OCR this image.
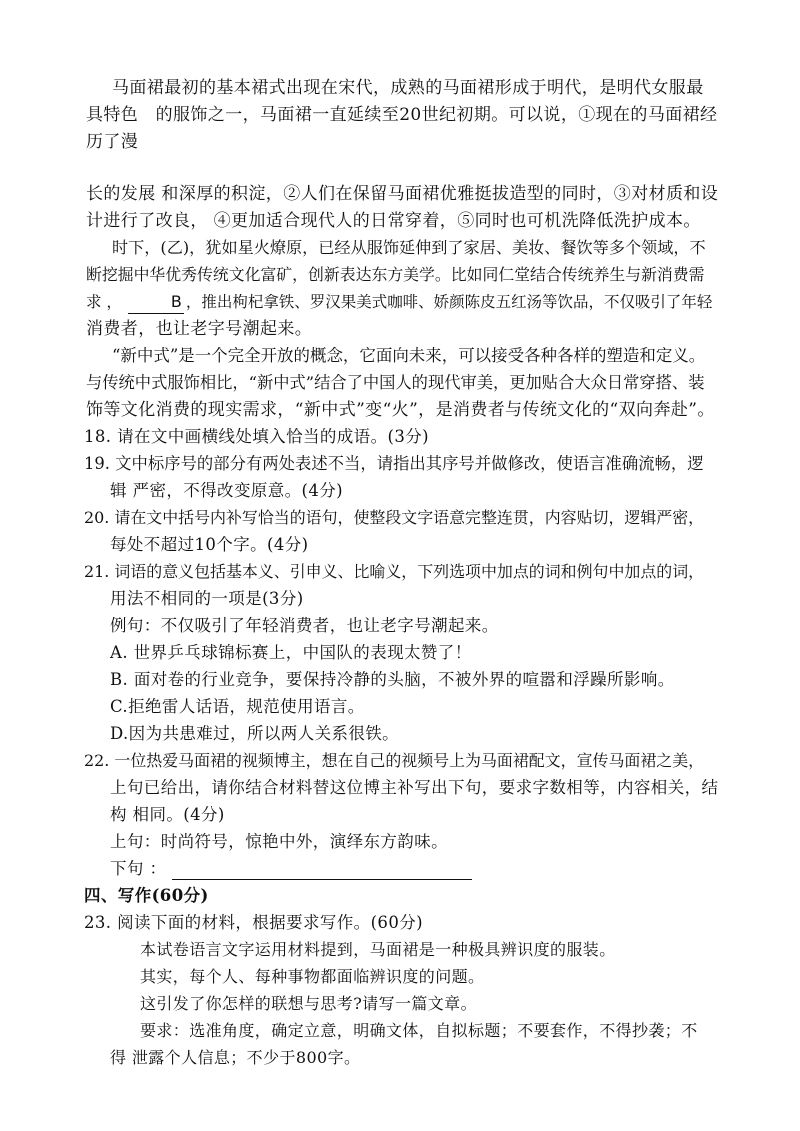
马面裙最初的基本裙式出现在宋代，成熟的马面裙形成于明代，是明代女服最
具特色　的服饰之一，马面裙一直延续至20世纪初期。可以说，①现在的马面裙经
历了漫
长的发展 和深厚的积淀，②人们在保留马面裙优雅挺拔造型的同时，③对材质和设
计进行了改良， ④更加适合现代人的日常穿着，⑤同时也可机洗降低洗护成本。
时下，(乙)，犹如星火燎原，已经从服饰延伸到了家居、美妆、餐饮等多个领域，不
断挖掘中华优秀传统文化富矿，创新表达东方美学。比如同仁堂结合传统养生与新消费需
求 ，	B ，推出枸杞拿铁、罗汉果美式咖啡、娇颜陈皮五红汤等饮品，不仅吸引了年轻
消费者，也让老字号潮起来。
“新中式”是一个完全开放的概念，它面向未来，可以接受各种各样的塑造和定义。
与传统中式服饰相比，“新中式”结合了中国人的现代审美，更加贴合大众日常穿搭、装
饰等文化消费的现实需求，“新中式”变“火”，是消费者与传统文化的“双向奔赴”。
18. 请在文中画横线处填入恰当的成语。(3分)
19. 文中标序号的部分有两处表述不当，请指出其序号并做修改，使语言准确流畅，逻
辑 严密，不得改变原意。(4分)
20. 请在文中括号内补写恰当的语句，使整段文字语意完整连贯，内容贴切，逻辑严密，
每处不超过10个字。(4分)
21. 词语的意义包括基本义、引申义、比喻义，下列选项中加点的词和例句中加点的词，
用法不相同的一项是(3分)
例句：不仅吸引了年轻消费者，也让老字号潮起来。
A. 世界乒乓球锦标赛上，中国队的表现太赞了！
B. 面对卷的行业竞争，要保持冷静的头脑，不被外界的喧嚣和浮躁所影响。
C.拒绝雷人话语，规范使用语言。
D.因为共患难过，所以两人关系很铁。
22. 一位热爱马面裙的视频博主，想在自己的视频号上为马面裙配文，宣传马面裙之美，
上句已给出，请你结合材料替这位博主补写出下句，要求字数相等，内容相关，结
构 相同。(4分)
上句：时尚符号，惊艳中外，演绎东方韵味。
下句 ：
四、写作(60分)
23. 阅读下面的材料，根据要求写作。(60分)
本试卷语言文字运用材料提到，马面裙是一种极具辨识度的服装。
其实，每个人、每种事物都面临辨识度的问题。
这引发了你怎样的联想与思考?请写一篇文章。
要求：选准角度，确定立意，明确文体，自拟标题；不要套作，不得抄袭；不
得 泄露个人信息；不少于800字。
